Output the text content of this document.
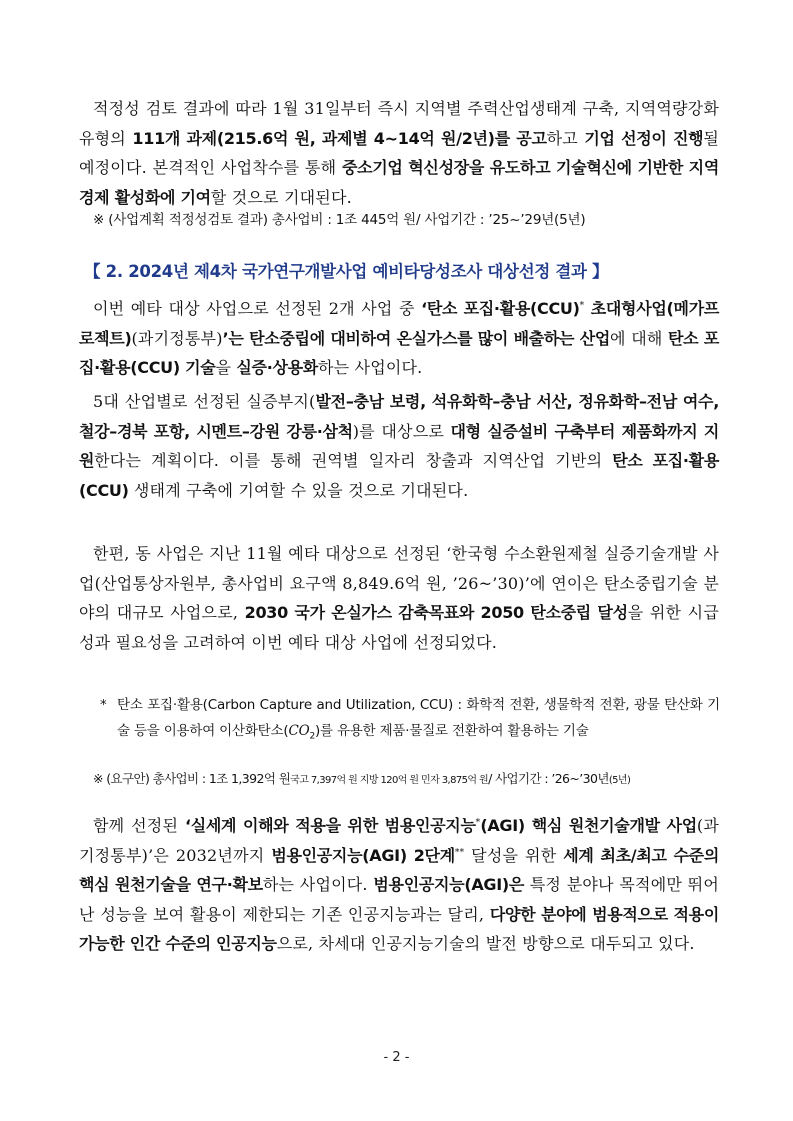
적정성 검토 결과에 따라 1월 31일부터 즉시 지역별 주력산업생태계 구축, 지역역량강화 유형의 111개 과제(215.6억 원, 과제별 4~14억 원/2년)를 공고하고 기업 선정이 진행될 예정이다. 본격적인 사업착수를 통해 중소기업 혁신성장을 유도하고 기술혁신에 기반한 지역경제 활성화에 기여할 것으로 기대된다.
※ (사업계획 적정성검토 결과) 총사업비 : 1조 445억 원/ 사업기간 : ’25~’29년(5년)
【 2. 2024년 제4차 국가연구개발사업 예비타당성조사 대상선정 결과 】
이번 예타 대상 사업으로 선정된 2개 사업 중 ‘탄소 포집·활용(CCU)* 초대형사업(메가프로젝트)(과기정통부)’는 탄소중립에 대비하여 온실가스를 많이 배출하는 산업에 대해 탄소 포집·활용(CCU) 기술을 실증·상용화하는 사업이다.
5대 산업별로 선정된 실증부지(발전–충남 보령, 석유화학–충남 서산, 정유화학–전남 여수, 철강–경북 포항, 시멘트–강원 강릉·삼척)를 대상으로 대형 실증설비 구축부터 제품화까지 지원한다는 계획이다. 이를 통해 권역별 일자리 창출과 지역산업 기반의 탄소 포집·활용(CCU) 생태계 구축에 기여할 수 있을 것으로 기대된다.
한편, 동 사업은 지난 11월 예타 대상으로 선정된 ‘한국형 수소환원제철 실증기술개발 사업(산업통상자원부, 총사업비 요구액 8,849.6억 원, ’26~’30)’에 연이은 탄소중립기술 분야의 대규모 사업으로, 2030 국가 온실가스 감축목표와 2050 탄소중립 달성을 위한 시급성과 필요성을 고려하여 이번 예타 대상 사업에 선정되었다.
* 탄소 포집·활용(Carbon Capture and Utilization, CCU) : 화학적 전환, 생물학적 전환, 광물 탄산화 기술 등을 이용하여 이산화탄소$(CO_2)$를 유용한 제품·물질로 전환하여 활용하는 기술
※ (요구안) 총사업비 : 1조 1,392억 원국고 7,397억 원 지방 120억 원 민자 3,875억 원/ 사업기간 : ’26~’30년(5년)
함께 선정된 ‘실세계 이해와 적용을 위한 범용인공지능*(AGI) 핵심 원천기술개발 사업(과기정통부)’은 2032년까지 범용인공지능(AGI) 2단계** 달성을 위한 세계 최초/최고 수준의 핵심 원천기술을 연구·확보하는 사업이다. 범용인공지능(AGI)은 특정 분야나 목적에만 뛰어난 성능을 보여 활용이 제한되는 기존 인공지능과는 달리, 다양한 분야에 범용적으로 적용이 가능한 인간 수준의 인공지능으로, 차세대 인공지능기술의 발전 방향으로 대두되고 있다.
- 2 -
